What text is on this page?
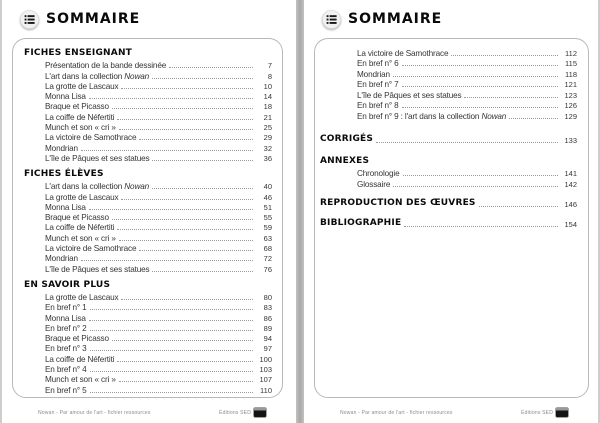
SOMMAIRE
FICHES ENSEIGNANT
Présentation de la bande dessinée	7
L'art dans la collection Nowan	8
La grotte de Lascaux	10
Monna Lisa	14
Braque et Picasso	18
La coiffe de Néfertiti	21
Munch et son « cri »	25
La victoire de Samothrace	29
Mondrian	32
L'île de Pâques et ses statues	36
FICHES ÉLÈVES
L'art dans la collection Nowan	40
La grotte de Lascaux	46
Monna Lisa	51
Braque et Picasso	55
La coiffe de Néfertiti	59
Munch et son « cri »	63
La victoire de Samothrace	68
Mondrian	72
L'île de Pâques et ses statues	76
EN SAVOIR PLUS
La grotte de Lascaux	80
En bref n° 1	83
Monna Lisa	86
En bref n° 2	89
Braque et Picasso	94
En bref n° 3	97
La coiffe de Néfertiti	100
En bref n° 4	103
Munch et son « cri »	107
En bref n° 5	110
Nowan - Par amour de l'art - fichier ressources	Éditions SED
SOMMAIRE
La victoire de Samothrace	112
En bref n° 6	115
Mondrian	118
En bref n° 7	121
L'île de Pâques et ses statues	123
En bref n° 8	126
En bref n° 9 : l'art dans la collection Nowan	129
CORRIGÉS	133
ANNEXES
Chronologie	141
Glossaire	142
REPRODUCTION DES ŒUVRES	146
BIBLIOGRAPHIE	154
Nowan - Par amour de l'art - fichier ressources	Éditions SED
